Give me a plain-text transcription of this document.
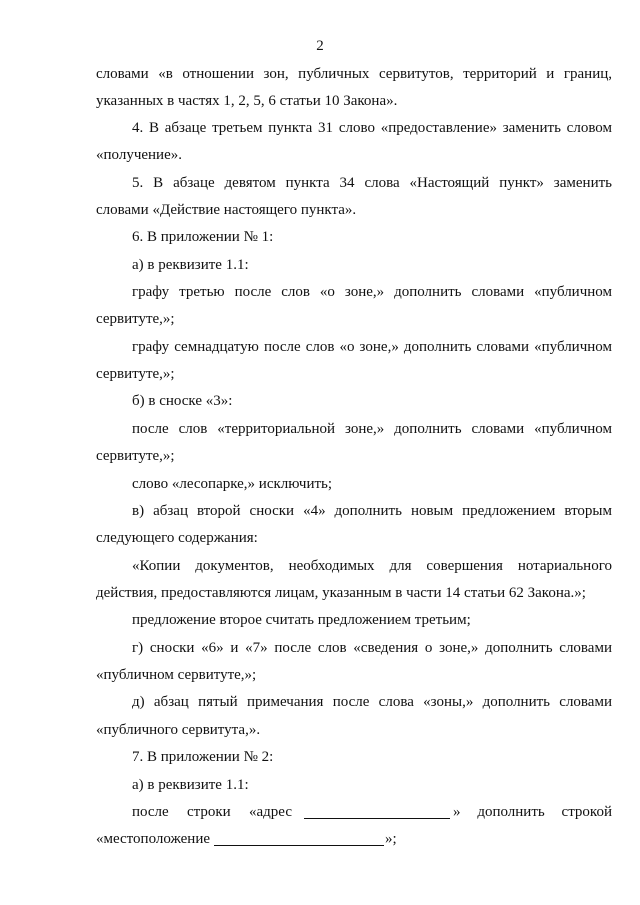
2
словами «в отношении зон, публичных сервитутов, территорий и границ,
указанных в частях 1, 2, 5, 6 статьи 10 Закона».
4. В абзаце третьем пункта 31 слово «предоставление» заменить словом
«получение».
5. В абзаце девятом пункта 34 слова «Настоящий пункт» заменить
словами «Действие настоящего пункта».
6. В приложении № 1:
а) в реквизите 1.1:
графу третью после слов «о зоне,» дополнить словами «публичном
сервитуте,»;
графу семнадцатую после слов «о зоне,» дополнить словами «публичном
сервитуте,»;
б) в сноске «3»:
после слов «территориальной зоне,» дополнить словами «публичном
сервитуте,»;
слово «лесопарке,» исключить;
в) абзац второй сноски «4» дополнить новым предложением вторым
следующего содержания:
«Копии документов, необходимых для совершения нотариального
действия, предоставляются лицам, указанным в части 14 статьи 62 Закона.»;
предложение второе считать предложением третьим;
г) сноски «6» и «7» после слов «сведения о зоне,» дополнить словами
«публичном сервитуте,»;
д) абзац пятый примечания после слова «зоны,» дополнить словами
«публичного сервитута,».
7. В приложении № 2:
а) в реквизите 1.1:
после строки «адрес	» дополнить строкой
«местоположение	»;
